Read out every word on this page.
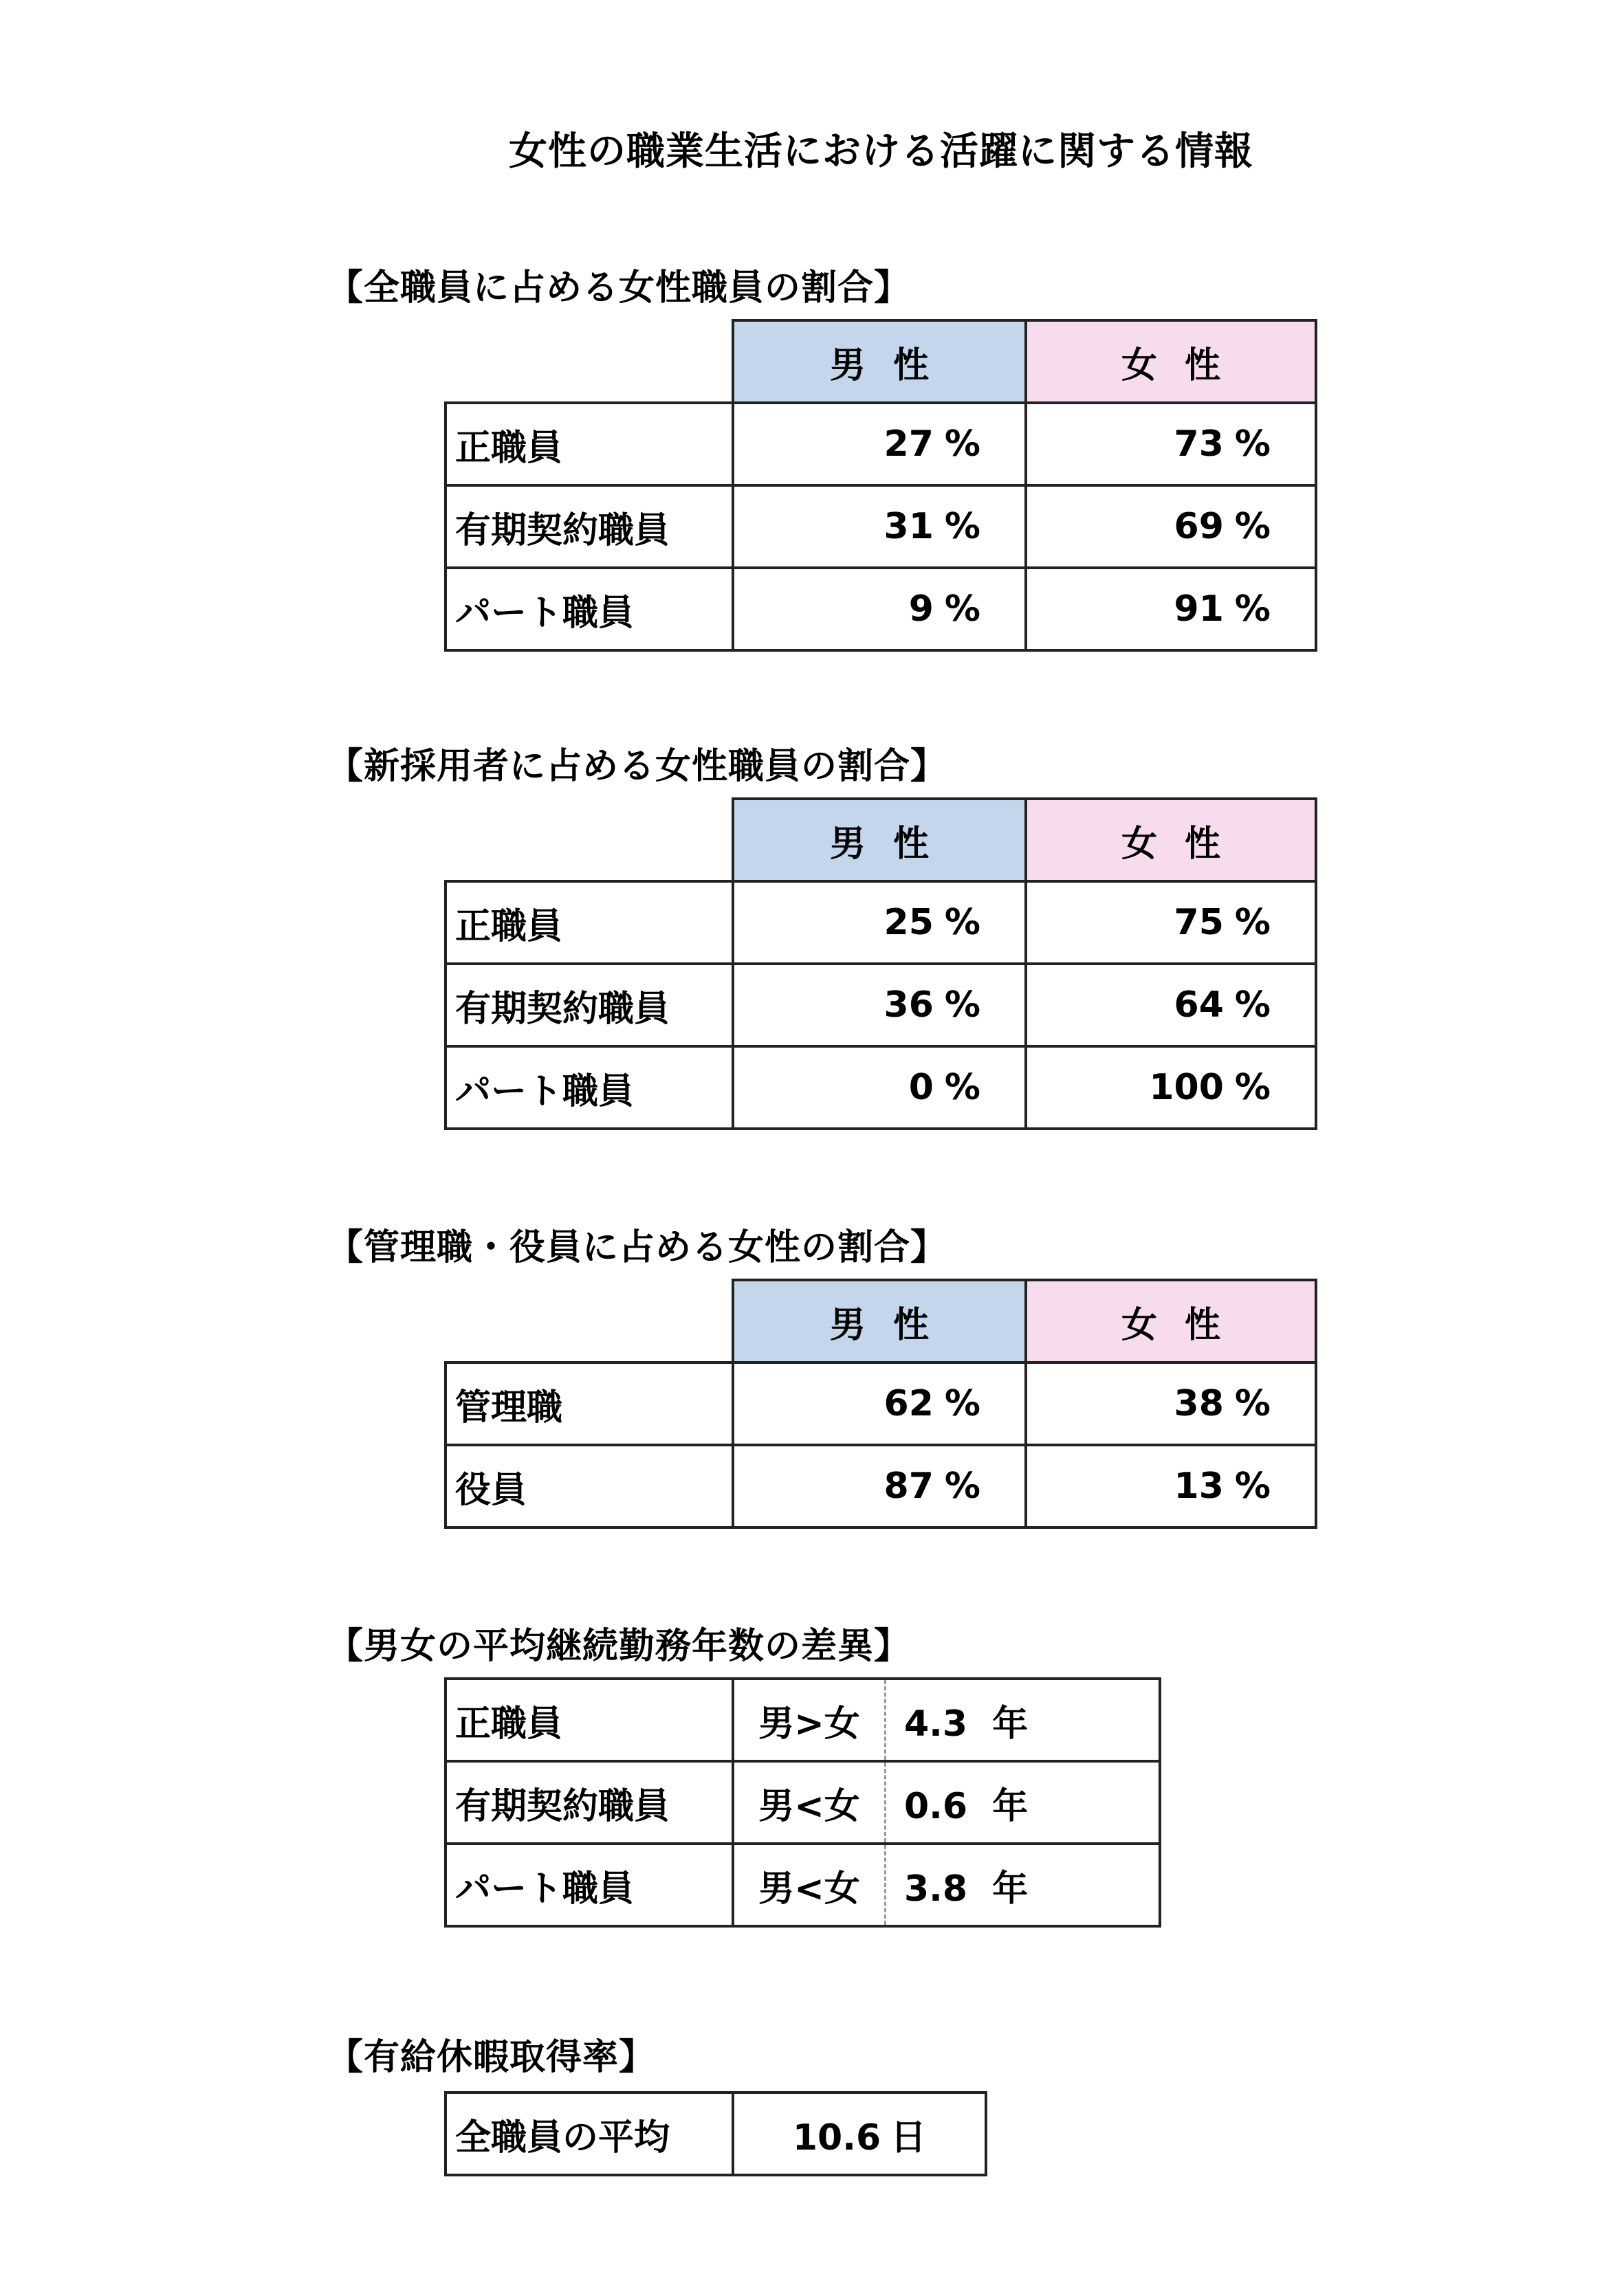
女性の職業生活における活躍に関する情報
【全職員に占める女性職員の割合】
	男性	女性
正職員	27 %	73 %
有期契約職員	31 %	69 %
パート職員	9 %	91 %
【新採用者に占める女性職員の割合】
	男性	女性
正職員	25 %	75 %
有期契約職員	36 %	64 %
パート職員	0 %	100 %
【管理職・役員に占める女性の割合】
	男性	女性
管理職	62 %	38 %
役員	87 %	13 %
【男女の平均継続勤務年数の差異】
正職員	男>女	4.3 年
有期契約職員	男<女	0.6 年
パート職員	男<女	3.8 年
【有給休暇取得率】
全職員の平均	10.6 日
